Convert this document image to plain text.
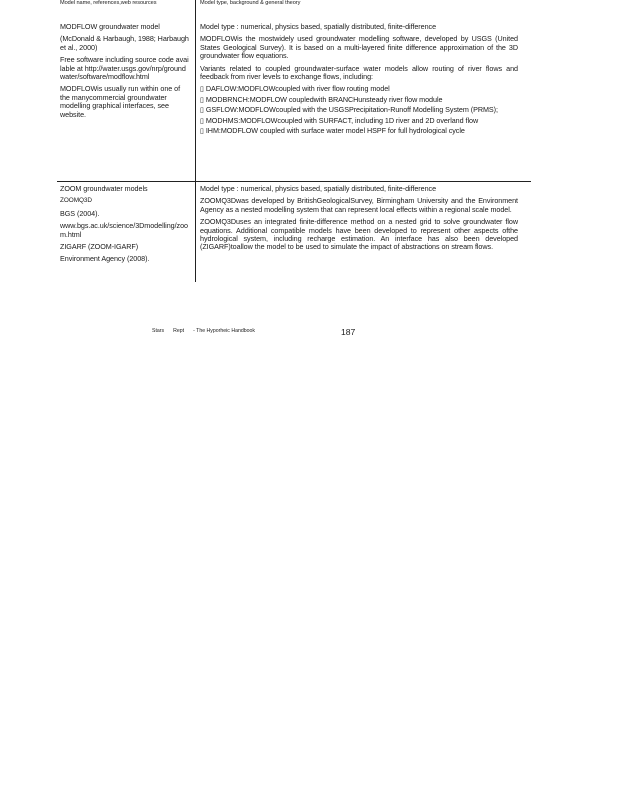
Model name, references,web resources	Model type, background & general theory

MODFLOW groundwater model

(McDonald & Harbaugh, 1988; Harbaugh et al., 2000)

Free software including source code available at http://water.usgs.gov/nrp/groundwater/software/modflow.html

MODFLOWis usually run within one of the manycommercial groundwater modelling graphical interfaces, see website.

Model type : numerical, physics based, spatially distributed, finite-difference

MODFLOWis the mostwidely used groundwater modelling software, developed by USGS (United States Geological Survey). It is based on a multi-layered finite difference approximation of the 3D groundwater flow equations.

Variants related to coupled groundwater-surface water models allow routing of river flows and feedback from river levels to exchange flows, including:

▯ DAFLOW:MODFLOWcoupled with river flow routing model

▯ MODBRNCH:MODFLOW coupledwith BRANCHunsteady river flow module

▯ GSFLOW:MODFLOWcoupled with the USGSPrecipitation-Runoff Modelling System (PRMS);

▯ MODHMS:MODFLOWcoupled with SURFACT, including 1D river and 2D overland flow

▯ IHM:MODFLOW coupled with surface water model HSPF for full hydrological cycle

ZOOM groundwater models

ZOOMQ3D

BGS (2004).

www.bgs.ac.uk/science/3Dmodelling/zoom.html

ZIGARF (ZOOM-IGARF)

Environment Agency (2008).

Model type : numerical, physics based, spatially distributed, finite-difference

ZOOMQ3Dwas developed by BritishGeologicalSurvey, Birmingham University and the Environment Agency as a nested modelling system that can represent local effects within a regional scale model.

ZOOMQ3Duses an integrated finite-difference method on a nested grid to solve groundwater flow equations. Additional compatible models have been developed to represent other aspects ofthe hydrological system, including recharge estimation. An interface has also been developed (ZIGARF)toallow the model to be used to simulate the impact of abstractions on stream flows.

Stars Rept - The Hyporheic Handbook	187
